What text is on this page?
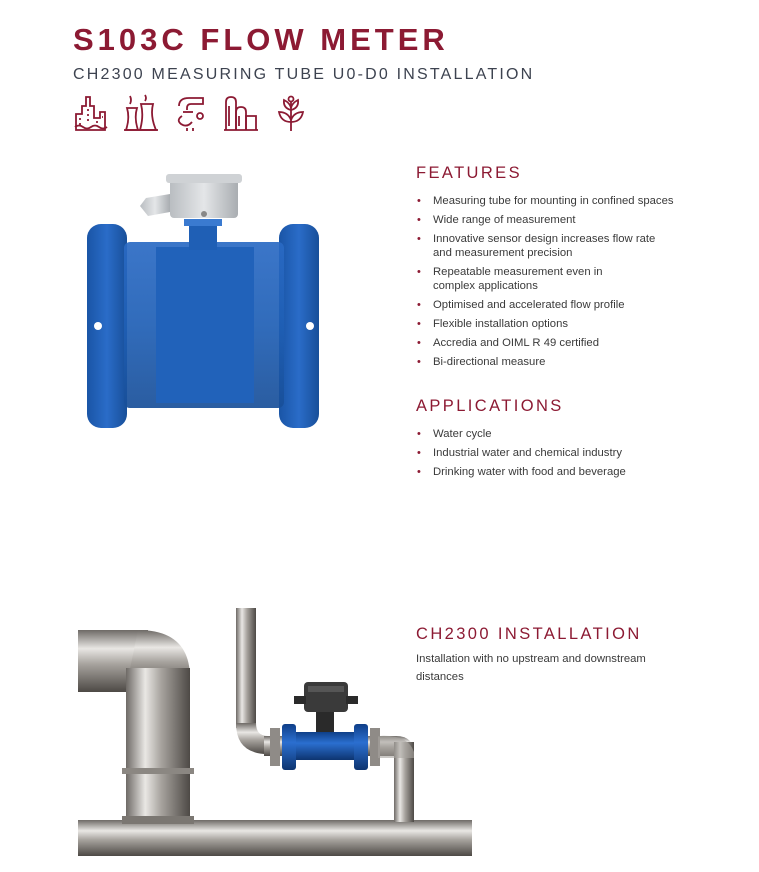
S103C FLOW METER
CH2300 MEASURING TUBE U0-D0 INSTALLATION
FEATURES
• Measuring tube for mounting in confined spaces
• Wide range of measurement
• Innovative sensor design increases flow rate
and measurement precision
• Repeatable measurement even in
complex applications
• Optimised and accelerated flow profile
• Flexible installation options
• Accredia and OIML R 49 certified
• Bi-directional measure
APPLICATIONS
• Water cycle
• Industrial water and chemical industry
• Drinking water with food and beverage
CH2300 INSTALLATION
Installation with no upstream and downstream distances
